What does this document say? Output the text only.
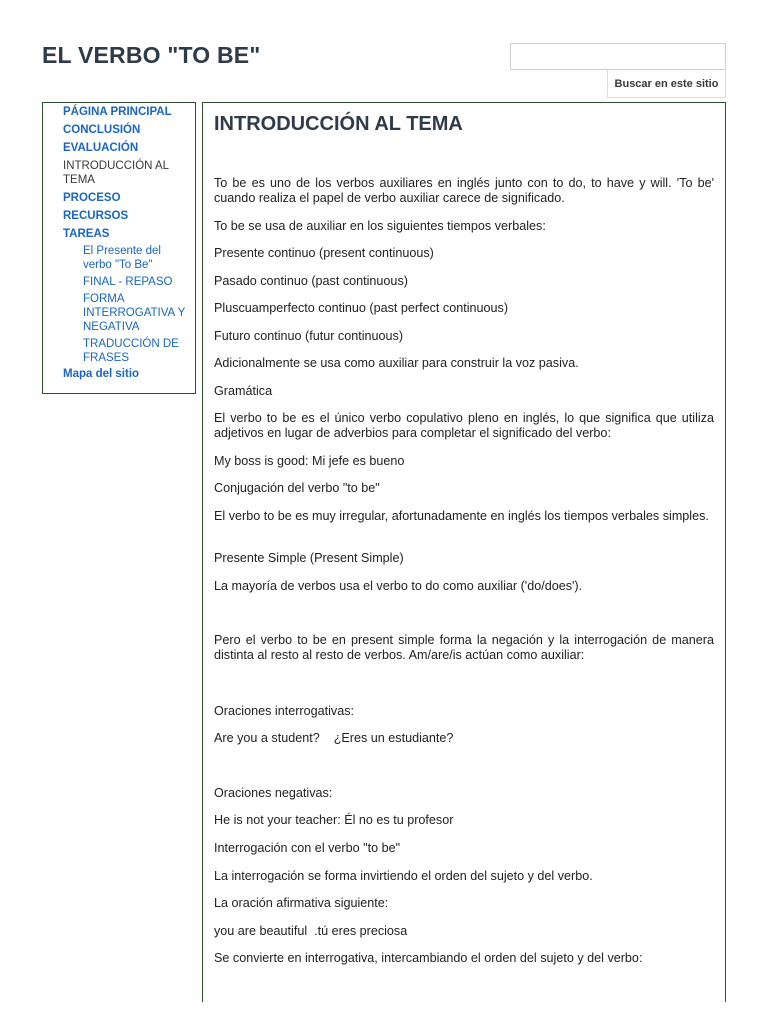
EL VERBO "TO BE"
Buscar en este sitio
PÁGINA PRINCIPAL
CONCLUSIÓN
EVALUACIÓN
INTRODUCCIÓN AL TEMA
PROCESO
RECURSOS
TAREAS
El Presente del verbo "To Be"
FINAL - REPASO
FORMA INTERROGATIVA Y NEGATIVA
TRADUCCIÓN DE FRASES
Mapa del sitio
INTRODUCCIÓN AL TEMA

To be es uno de los verbos auxiliares en inglés junto con to do, to have y will. 'To be' cuando realiza el papel de verbo auxiliar carece de significado.

To be se usa de auxiliar en los siguientes tiempos verbales:

Presente continuo (present continuous)

Pasado continuo (past continuous)

Pluscuamperfecto continuo (past perfect continuous)

Futuro continuo (futur continuous)

Adicionalmente se usa como auxiliar para construir la voz pasiva.

Gramática

El verbo to be es el único verbo copulativo pleno en inglés, lo que significa que utiliza adjetivos en lugar de adverbios para completar el significado del verbo:

My boss is good: Mi jefe es bueno

Conjugación del verbo "to be"

El verbo to be es muy irregular, afortunadamente en inglés los tiempos verbales simples.

Presente Simple (Present Simple)

La mayoría de verbos usa el verbo to do como auxiliar ('do/does').

Pero el verbo to be en present simple forma la negación y la interrogación de manera distinta al resto al resto de verbos. Am/are/is actúan como auxiliar:

Oraciones interrogativas:

Are you a student?    ¿Eres un estudiante?

Oraciones negativas:

He is not your teacher: Él no es tu profesor

Interrogación con el verbo "to be"

La interrogación se forma invirtiendo el orden del sujeto y del verbo.

La oración afirmativa siguiente:

you are beautiful  .tú eres preciosa

Se convierte en interrogativa, intercambiando el orden del sujeto y del verbo:
